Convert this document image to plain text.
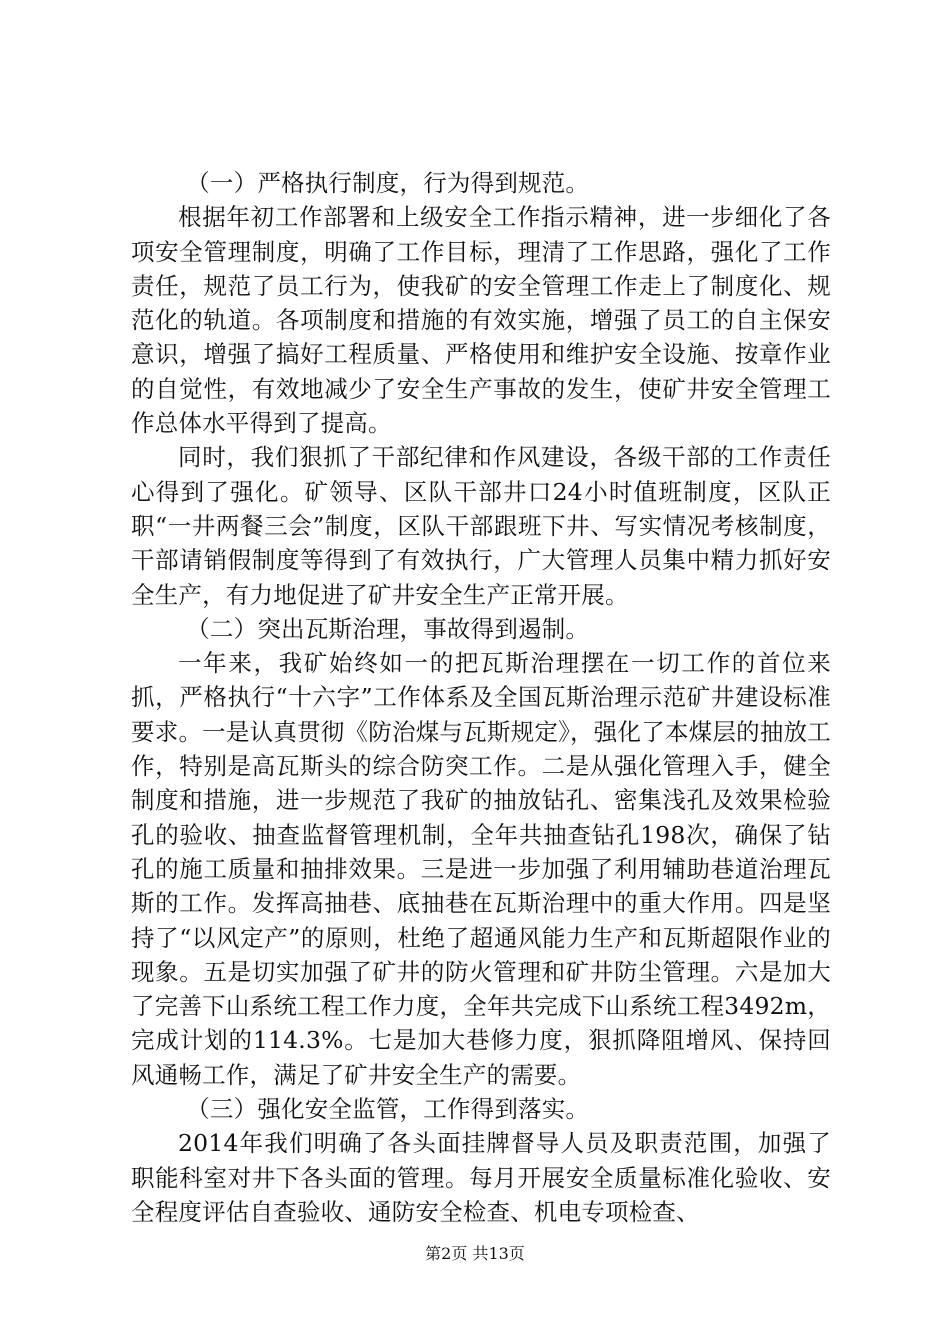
（一）严格执行制度，行为得到规范。

根据年初工作部署和上级安全工作指示精神，进一步细化了各项安全管理制度，明确了工作目标，理清了工作思路，强化了工作责任，规范了员工行为，使我矿的安全管理工作走上了制度化、规范化的轨道。各项制度和措施的有效实施，增强了员工的自主保安意识，增强了搞好工程质量、严格使用和维护安全设施、按章作业的自觉性，有效地减少了安全生产事故的发生，使矿井安全管理工作总体水平得到了提高。

同时，我们狠抓了干部纪律和作风建设，各级干部的工作责任心得到了强化。矿领导、区队干部井口24小时值班制度，区队正职“一井两餐三会”制度，区队干部跟班下井、写实情况考核制度，干部请销假制度等得到了有效执行，广大管理人员集中精力抓好安全生产，有力地促进了矿井安全生产正常开展。

（二）突出瓦斯治理，事故得到遏制。

一年来，我矿始终如一的把瓦斯治理摆在一切工作的首位来抓，严格执行“十六字”工作体系及全国瓦斯治理示范矿井建设标准要求。一是认真贯彻《防治煤与瓦斯规定》，强化了本煤层的抽放工作，特别是高瓦斯头的综合防突工作。二是从强化管理入手，健全制度和措施，进一步规范了我矿的抽放钻孔、密集浅孔及效果检验孔的验收、抽查监督管理机制，全年共抽查钻孔198次，确保了钻孔的施工质量和抽排效果。三是进一步加强了利用辅助巷道治理瓦斯的工作。发挥高抽巷、底抽巷在瓦斯治理中的重大作用。四是坚持了“以风定产”的原则，杜绝了超通风能力生产和瓦斯超限作业的现象。五是切实加强了矿井的防火管理和矿井防尘管理。六是加大了完善下山系统工程工作力度，全年共完成下山系统工程3492m，完成计划的114.3%。七是加大巷修力度，狠抓降阻增风、保持回风通畅工作，满足了矿井安全生产的需要。

（三）强化安全监管，工作得到落实。

2014年我们明确了各头面挂牌督导人员及职责范围，加强了职能科室对井下各头面的管理。每月开展安全质量标准化验收、安全程度评估自查验收、通防安全检查、机电专项检查、

第2页 共13页
